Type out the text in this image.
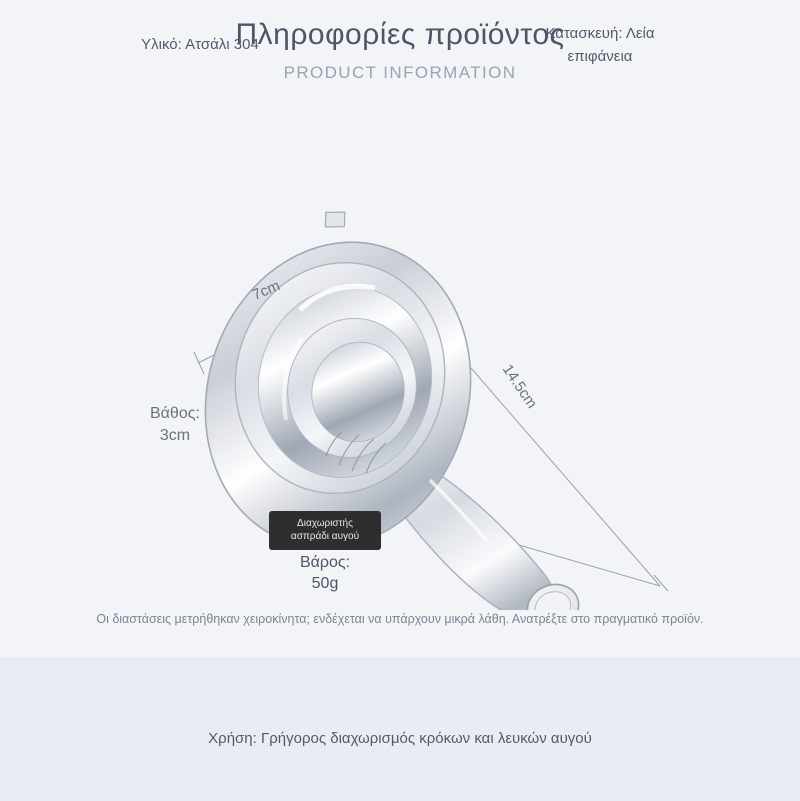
Πληροφορίες προϊόντος
PRODUCT INFORMATION
7cm
14.5cm
Βάθος:
3cm
Διαχωριστής
ασπράδι αυγού
Βάρος:
50g
Οι διαστάσεις μετρήθηκαν χειροκίνητα; ενδέχεται να υπάρχουν μικρά λάθη. Ανατρέξτε στο πραγματικό προϊόν.
Υλικό: Ατσάλι 304
Κατασκευή: Λεία
επιφάνεια
Χρήση: Γρήγορος διαχωρισμός κρόκων και λευκών αυγού
